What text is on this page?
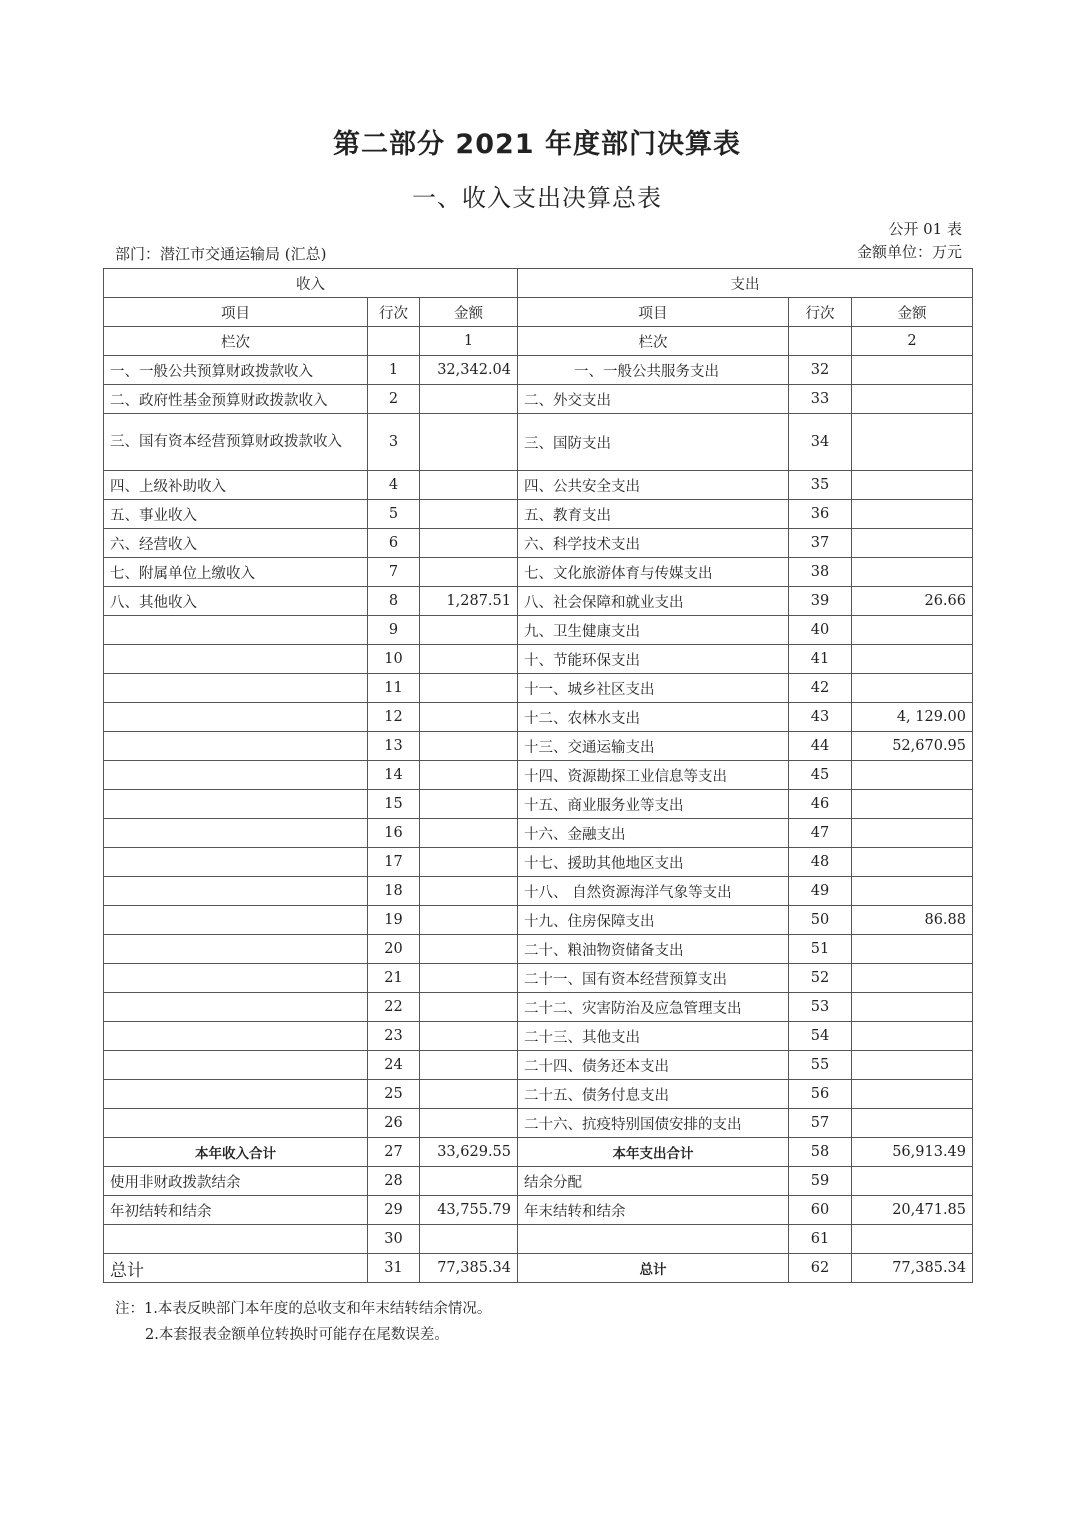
第二部分 2021 年度部门决算表
一、收入支出决算总表
公开 01 表
部门：潜江市交通运输局 (汇总)	金额单位：万元
收入			支出		
项目	行次	金额	项目	行次	金额
栏次		1	栏次		2
一、一般公共预算财政拨款收入	1	32,342.04	一、一般公共服务支出	32	
二、政府性基金预算财政拨款收入	2		二、外交支出	33	
三、国有资本经营预算财政拨款收入	3		三、国防支出	34	
四、上级补助收入	4		四、公共安全支出	35	
五、事业收入	5		五、教育支出	36	
六、经营收入	6		六、科学技术支出	37	
七、附属单位上缴收入	7		七、文化旅游体育与传媒支出	38	
八、其他收入	8	1,287.51	八、社会保障和就业支出	39	26.66
	9		九、卫生健康支出	40	
	10		十、节能环保支出	41	
	11		十一、城乡社区支出	42	
	12		十二、农林水支出	43	4, 129.00
	13		十三、交通运输支出	44	52,670.95
	14		十四、资源勘探工业信息等支出	45	
	15		十五、商业服务业等支出	46	
	16		十六、金融支出	47	
	17		十七、援助其他地区支出	48	
	18		十八、 自然资源海洋气象等支出	49	
	19		十九、住房保障支出	50	86.88
	20		二十、粮油物资储备支出	51	
	21		二十一、国有资本经营预算支出	52	
	22		二十二、灾害防治及应急管理支出	53	
	23		二十三、其他支出	54	
	24		二十四、债务还本支出	55	
	25		二十五、债务付息支出	56	
	26		二十六、抗疫特别国债安排的支出	57	
本年收入合计	27	33,629.55	本年支出合计	58	56,913.49
使用非财政拨款结余	28		结余分配	59	
年初结转和结余	29	43,755.79	年末结转和结余	60	20,471.85
	30			61	
总计	31	77,385.34	总计	62	77,385.34
注：1.本表反映部门本年度的总收支和年末结转结余情况。
2.本套报表金额单位转换时可能存在尾数误差。
